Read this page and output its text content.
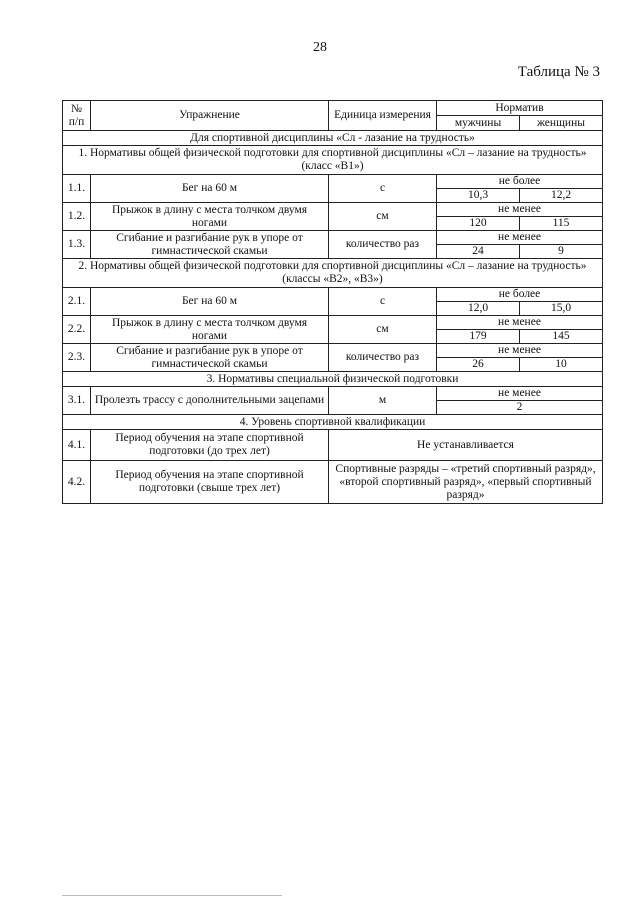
28
Таблица № 3
№
п/п	Упражнение	Единица измерения	Норматив	
			мужчины	женщины
Для спортивной дисциплины «Сл - лазание на трудность»				
1. Нормативы общей физической подготовки для спортивной дисциплины «Сл – лазание на трудность» (класс «В1»)				
1.1.	Бег на 60 м	с	не более	
			10,3	12,2
1.2.	Прыжок в длину с места толчком двумя ногами	см	не менее	
			120	115
1.3.	Сгибание и разгибание рук в упоре от гимнастической скамьи	количество раз	не менее	
			24	9
2. Нормативы общей физической подготовки для спортивной дисциплины «Сл – лазание на трудность» (классы «В2», «В3»)				
2.1.	Бег на 60 м	с	не более	
			12,0	15,0
2.2.	Прыжок в длину с места толчком двумя ногами	см	не менее	
			179	145
2.3.	Сгибание и разгибание рук в упоре от гимнастической скамьи	количество раз	не менее	
			26	10
3. Нормативы специальной физической подготовки				
3.1.	Пролезть трассу с дополнительными зацепами	м	не менее	
			2	
4. Уровень спортивной квалификации				
4.1.	Период обучения на этапе спортивной подготовки (до трех лет)	Не устанавливается		
4.2.	Период обучения на этапе спортивной подготовки (свыше трех лет)	Спортивные разряды – «третий спортивный разряд», «второй спортивный разряд», «первый спортивный разряд»		
